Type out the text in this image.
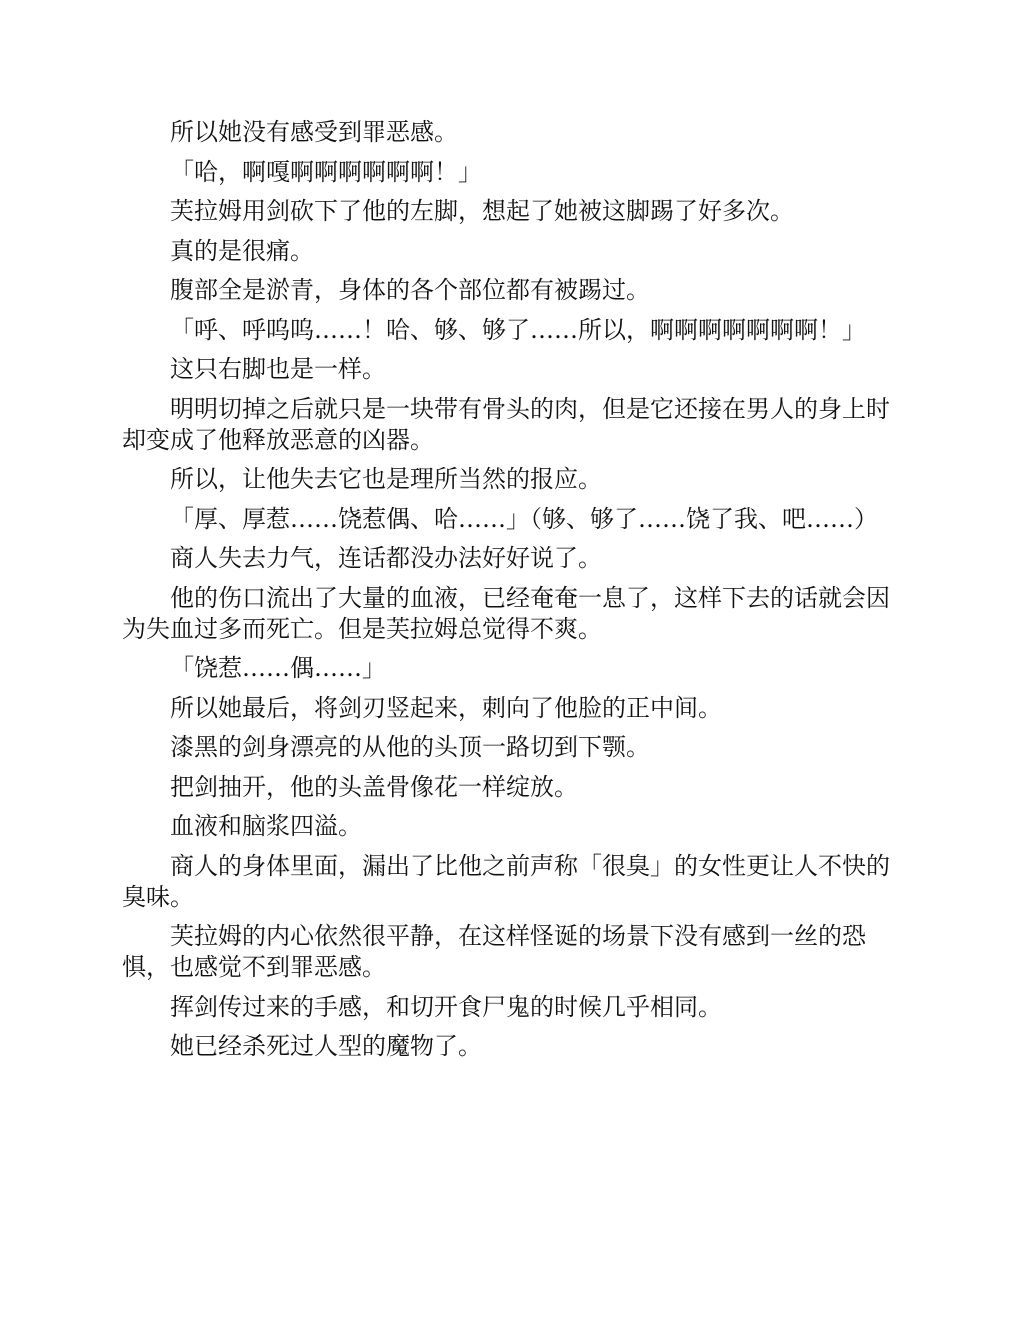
所以她没有感受到罪恶感。

「哈，啊嘎啊啊啊啊啊啊！」

芙拉姆用剑砍下了他的左脚，想起了她被这脚踢了好多次。

真的是很痛。

腹部全是淤青，身体的各个部位都有被踢过。

「呼、呼呜呜……！哈、够、够了……所以，啊啊啊啊啊啊啊！」

这只右脚也是一样。

明明切掉之后就只是一块带有骨头的肉，但是它还接在男人的身上时却变成了他释放恶意的凶器。

所以，让他失去它也是理所当然的报应。

「厚、厚惹……饶惹偶、哈……」（够、够了……饶了我、吧……）

商人失去力气，连话都没办法好好说了。

他的伤口流出了大量的血液，已经奄奄一息了，这样下去的话就会因为失血过多而死亡。但是芙拉姆总觉得不爽。

「饶惹……偶……」

所以她最后，将剑刃竖起来，刺向了他脸的正中间。

漆黑的剑身漂亮的从他的头顶一路切到下颚。

把剑抽开，他的头盖骨像花一样绽放。

血液和脑浆四溢。

商人的身体里面，漏出了比他之前声称「很臭」的女性更让人不快的臭味。

芙拉姆的内心依然很平静，在这样怪诞的场景下没有感到一丝的恐惧，也感觉不到罪恶感。

挥剑传过来的手感，和切开食尸鬼的时候几乎相同。

她已经杀死过人型的魔物了。
